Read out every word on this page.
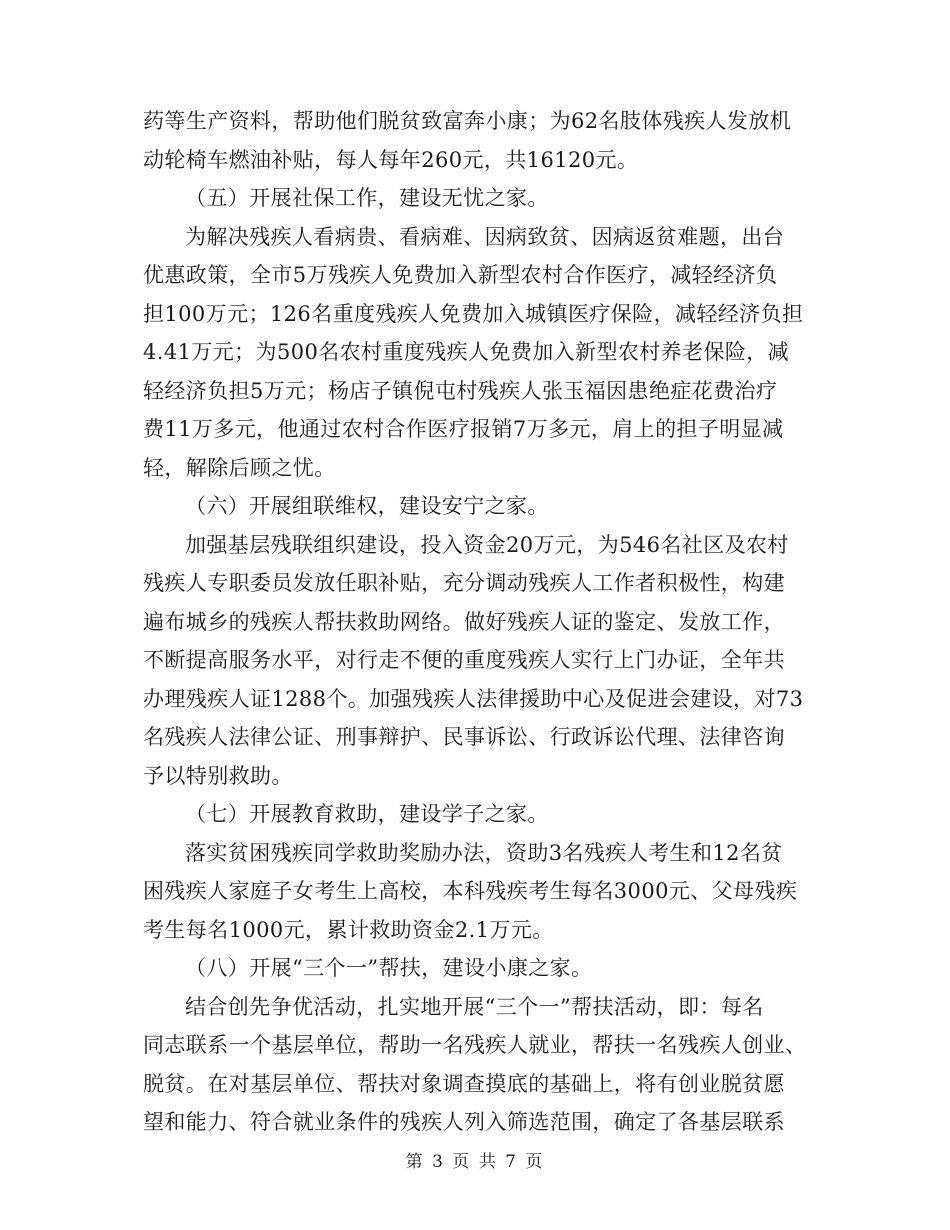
药等生产资料，帮助他们脱贫致富奔小康；为62名肢体残疾人发放机
动轮椅车燃油补贴，每人每年260元，共16120元。
（五）开展社保工作，建设无忧之家。
为解决残疾人看病贵、看病难、因病致贫、因病返贫难题，出台
优惠政策，全市5万残疾人免费加入新型农村合作医疗，减轻经济负
担100万元；126名重度残疾人免费加入城镇医疗保险，减轻经济负担
4.41万元；为500名农村重度残疾人免费加入新型农村养老保险，减
轻经济负担5万元；杨店子镇倪屯村残疾人张玉福因患绝症花费治疗
费11万多元，他通过农村合作医疗报销7万多元，肩上的担子明显减
轻，解除后顾之忧。
（六）开展组联维权，建设安宁之家。
加强基层残联组织建设，投入资金20万元，为546名社区及农村
残疾人专职委员发放任职补贴，充分调动残疾人工作者积极性，构建
遍布城乡的残疾人帮扶救助网络。做好残疾人证的鉴定、发放工作，
不断提高服务水平，对行走不便的重度残疾人实行上门办证，全年共
办理残疾人证1288个。加强残疾人法律援助中心及促进会建设，对73
名残疾人法律公证、刑事辩护、民事诉讼、行政诉讼代理、法律咨询
予以特别救助。
（七）开展教育救助，建设学子之家。
落实贫困残疾同学救助奖励办法，资助3名残疾人考生和12名贫
困残疾人家庭子女考生上高校，本科残疾考生每名3000元、父母残疾
考生每名1000元，累计救助资金2.1万元。
（八）开展“三个一”帮扶，建设小康之家。
结合创先争优活动，扎实地开展“三个一”帮扶活动，即：每名
同志联系一个基层单位，帮助一名残疾人就业，帮扶一名残疾人创业、
脱贫。在对基层单位、帮扶对象调查摸底的基础上，将有创业脱贫愿
望和能力、符合就业条件的残疾人列入筛选范围，确定了各基层联系
第 3 页 共 7 页
